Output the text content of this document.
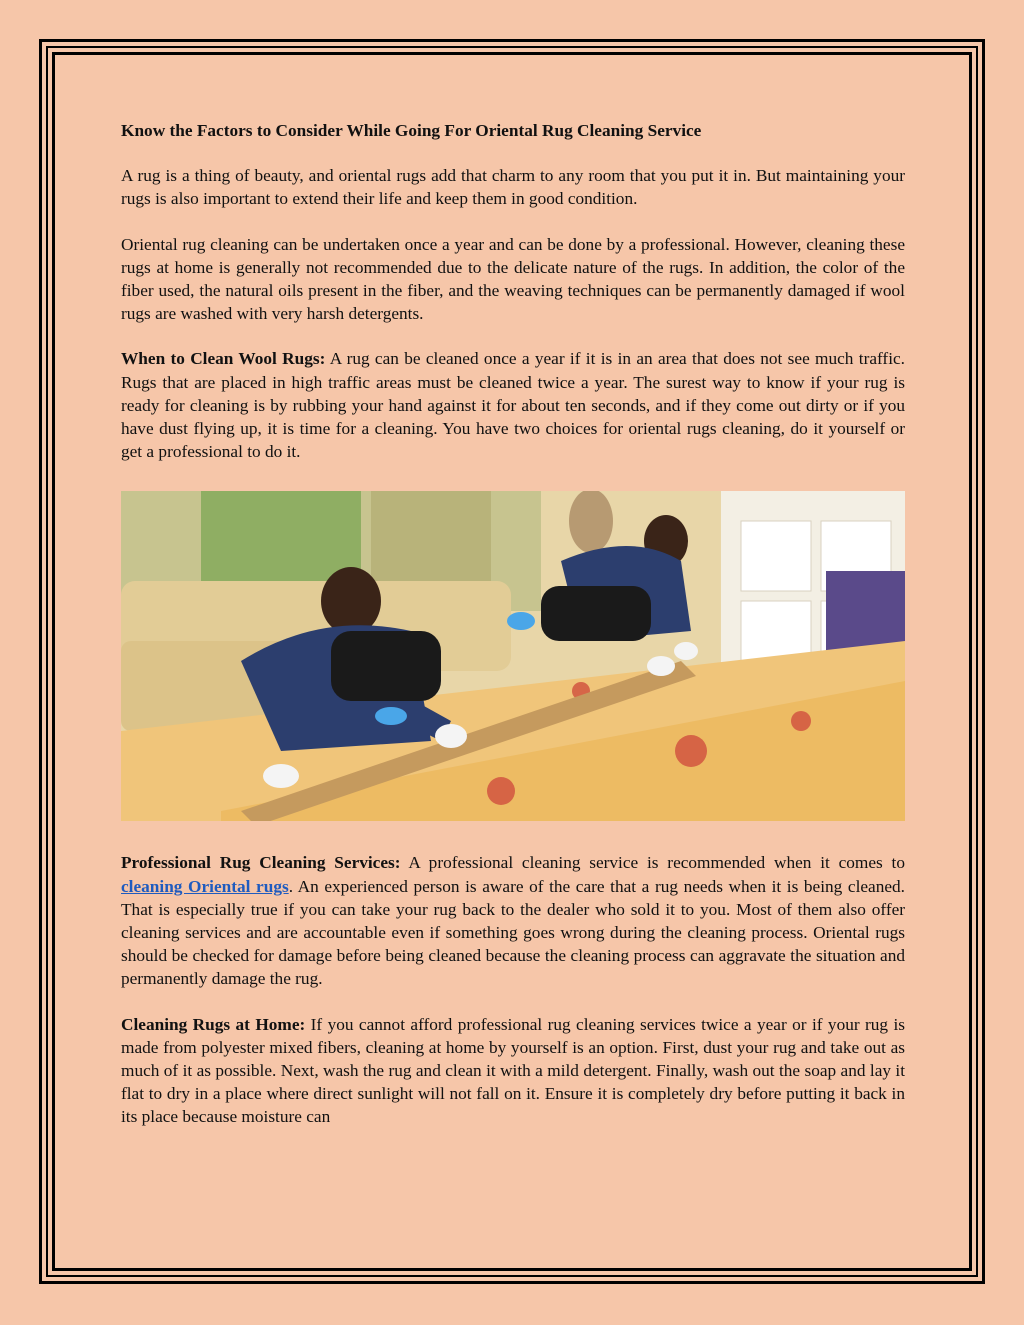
Know the Factors to Consider While Going For Oriental Rug Cleaning Service

A rug is a thing of beauty, and oriental rugs add that charm to any room that you put it in. But maintaining your rugs is also important to extend their life and keep them in good condition.

Oriental rug cleaning can be undertaken once a year and can be done by a professional. However, cleaning these rugs at home is generally not recommended due to the delicate nature of the rugs. In addition, the color of the fiber used, the natural oils present in the fiber, and the weaving techniques can be permanently damaged if wool rugs are washed with very harsh detergents.

When to Clean Wool Rugs: A rug can be cleaned once a year if it is in an area that does not see much traffic. Rugs that are placed in high traffic areas must be cleaned twice a year. The surest way to know if your rug is ready for cleaning is by rubbing your hand against it for about ten seconds, and if they come out dirty or if you have dust flying up, it is time for a cleaning. You have two choices for oriental rugs cleaning, do it yourself or get a professional to do it.

Professional Rug Cleaning Services: A professional cleaning service is recommended when it comes to cleaning Oriental rugs. An experienced person is aware of the care that a rug needs when it is being cleaned. That is especially true if you can take your rug back to the dealer who sold it to you. Most of them also offer cleaning services and are accountable even if something goes wrong during the cleaning process. Oriental rugs should be checked for damage before being cleaned because the cleaning process can aggravate the situation and permanently damage the rug.

Cleaning Rugs at Home: If you cannot afford professional rug cleaning services twice a year or if your rug is made from polyester mixed fibers, cleaning at home by yourself is an option. First, dust your rug and take out as much of it as possible. Next, wash the rug and clean it with a mild detergent. Finally, wash out the soap and lay it flat to dry in a place where direct sunlight will not fall on it. Ensure it is completely dry before putting it back in its place because moisture can
